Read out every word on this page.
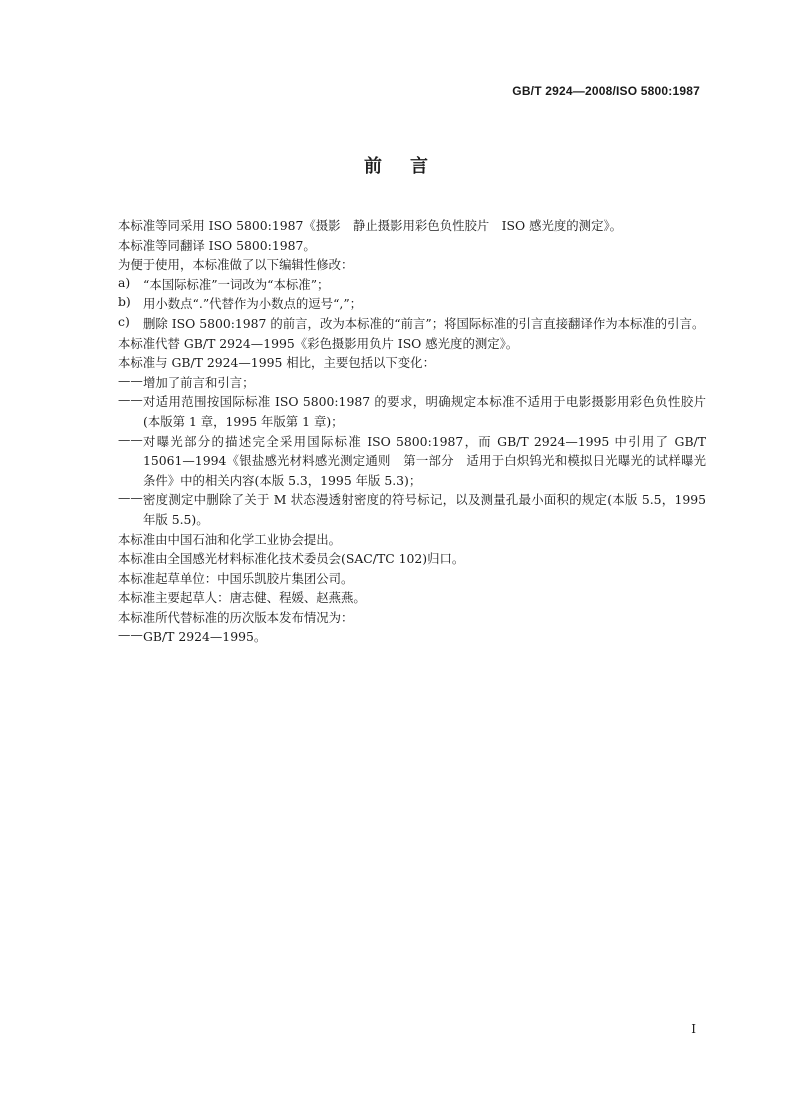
GB/T 2924—2008/ISO 5800:1987
前言

本标准等同采用 ISO 5800:1987《摄影　静止摄影用彩色负性胶片　ISO 感光度的测定》。

本标准等同翻译 ISO 5800:1987。

为便于使用，本标准做了以下编辑性修改：

a)	“本国际标准”一词改为“本标准”；
b) 用小数点“.”代替作为小数点的逗号“,”；
c)	删除 ISO 5800:1987 的前言，改为本标准的“前言”；将国际标准的引言直接翻译作为本标准的引言。

本标准代替 GB/T 2924—1995《彩色摄影用负片 ISO 感光度的测定》。

本标准与 GB/T 2924—1995 相比，主要包括以下变化：

—— 增加了前言和引言；
—— 对适用范围按国际标准 ISO 5800:1987 的要求，明确规定本标准不适用于电影摄影用彩色负性胶片(本版第 1 章，1995 年版第 1 章)；
—— 对曝光部分的描述完全采用国际标准 ISO 5800:1987，而 GB/T 2924—1995 中引用了 GB/T 15061—1994《银盐感光材料感光测定通则　第一部分　适用于白炽钨光和模拟日光曝光的试样曝光条件》中的相关内容(本版 5.3，1995 年版 5.3)；
—— 密度测定中删除了关于 M 状态漫透射密度的符号标记，以及测量孔最小面积的规定(本版 5.5，1995 年版 5.5)。

本标准由中国石油和化学工业协会提出。

本标准由全国感光材料标准化技术委员会(SAC/TC 102)归口。

本标准起草单位：中国乐凯胶片集团公司。

本标准主要起草人：唐志健、程媛、赵燕燕。

本标准所代替标准的历次版本发布情况为：

—— GB/T 2924—1995。
I
